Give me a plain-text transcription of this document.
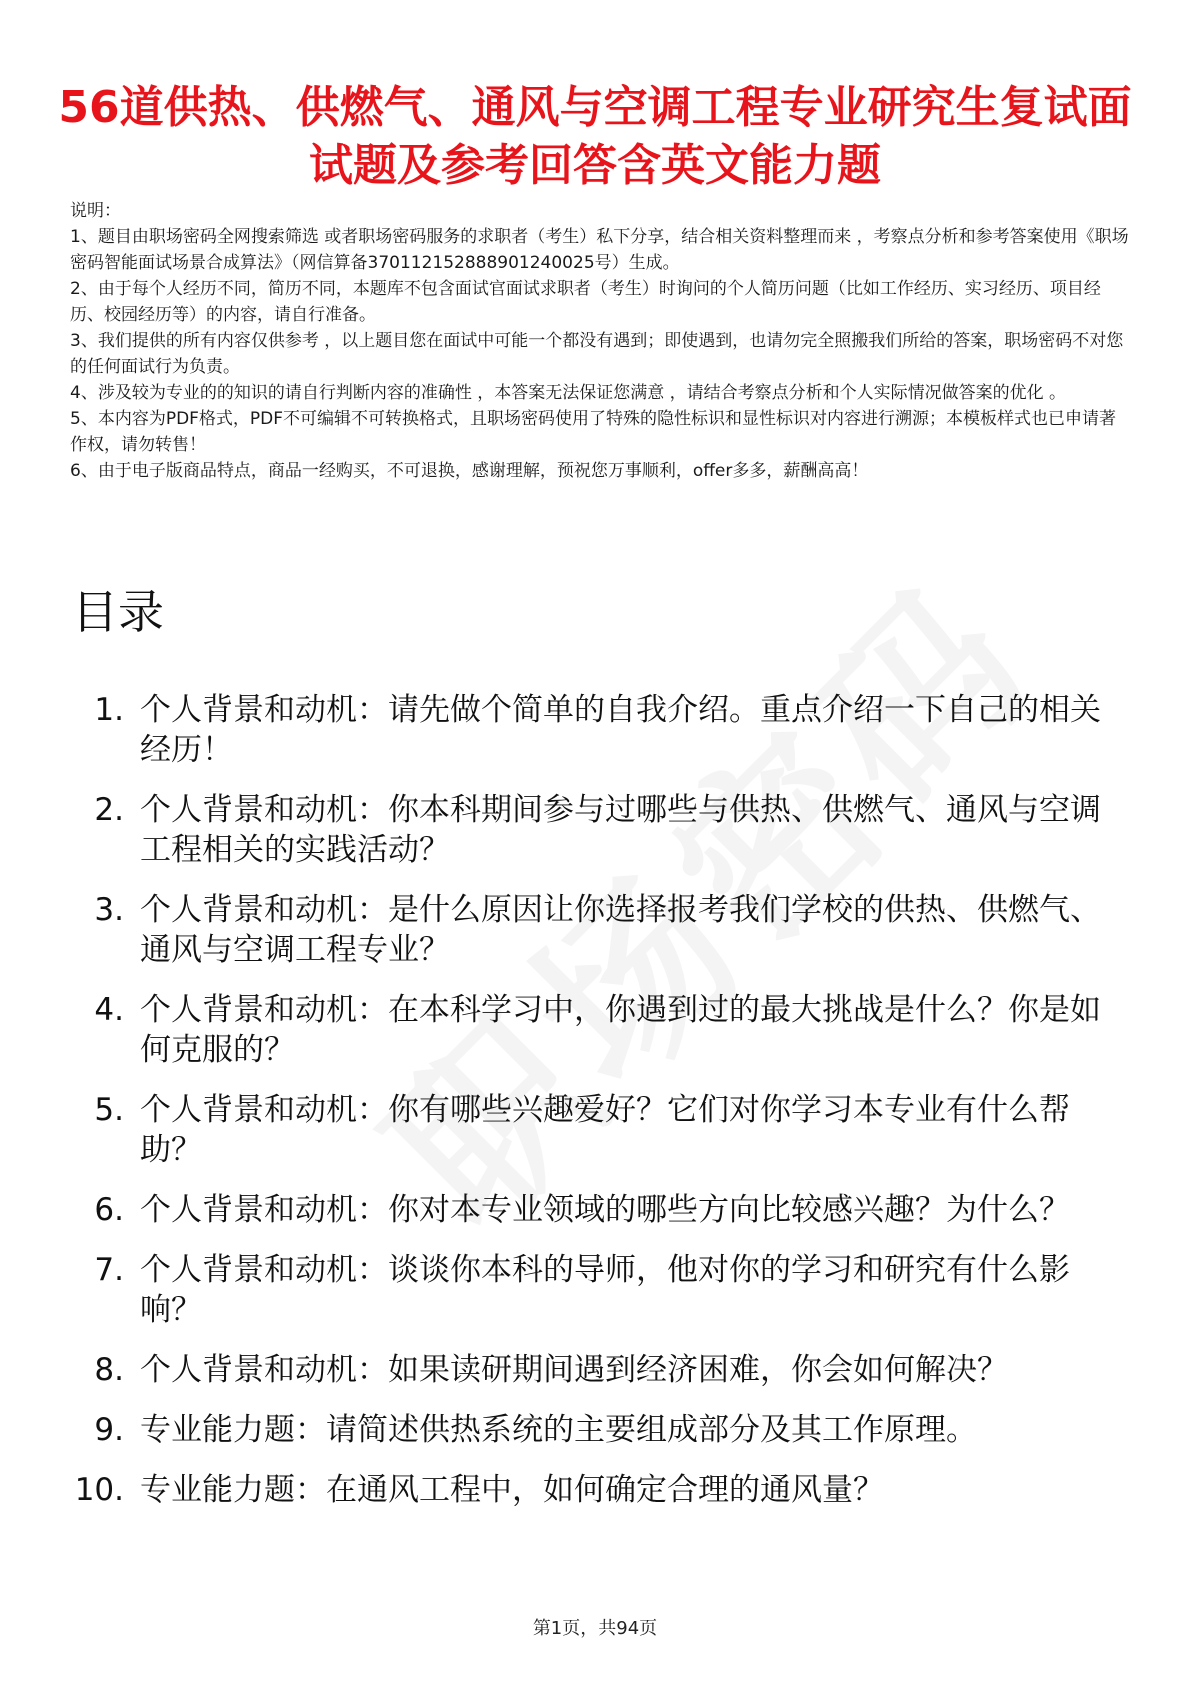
56道供热、供燃气、通风与空调工程专业研究生复试面试题及参考回答含英文能力题

说明：

1、题目由职场密码全网搜索筛选 或者职场密码服务的求职者（考生）私下分享，结合相关资料整理而来 ，考察点分析和参考答案使用《职场密码智能面试场景合成算法》（网信算备370112152888901240025号）生成。

2、由于每个人经历不同，简历不同，本题库不包含面试官面试求职者（考生）时询问的个人简历问题（比如工作经历、实习经历、项目经历、校园经历等）的内容，请自行准备。

3、我们提供的所有内容仅供参考 ，以上题目您在面试中可能一个都没有遇到；即使遇到，也请勿完全照搬我们所给的答案，职场密码不对您的任何面试行为负责。

4、涉及较为专业的的知识的请自行判断内容的准确性 ，本答案无法保证您满意 ，请结合考察点分析和个人实际情况做答案的优化 。

5、本内容为PDF格式，PDF不可编辑不可转换格式，且职场密码使用了特殊的隐性标识和显性标识对内容进行溯源；本模板样式也已申请著作权，请勿转售！

6、由于电子版商品特点，商品一经购买，不可退换，感谢理解，预祝您万事顺利，offer多多，薪酬高高！

目录
1. 个人背景和动机：请先做个简单的自我介绍。重点介绍一下自己的相关经历！
2. 个人背景和动机：你本科期间参与过哪些与供热、供燃气、通风与空调工程相关的实践活动？
3. 个人背景和动机：是什么原因让你选择报考我们学校的供热、供燃气、通风与空调工程专业？
4. 个人背景和动机：在本科学习中，你遇到过的最大挑战是什么？你是如何克服的？
5. 个人背景和动机：你有哪些兴趣爱好？它们对你学习本专业有什么帮助？
6. 个人背景和动机：你对本专业领域的哪些方向比较感兴趣？为什么？
7. 个人背景和动机：谈谈你本科的导师，他对你的学习和研究有什么影响？
8. 个人背景和动机：如果读研期间遇到经济困难，你会如何解决？
9. 专业能力题：请简述供热系统的主要组成部分及其工作原理。
10. 专业能力题：在通风工程中，如何确定合理的通风量？
第1页，共94页
